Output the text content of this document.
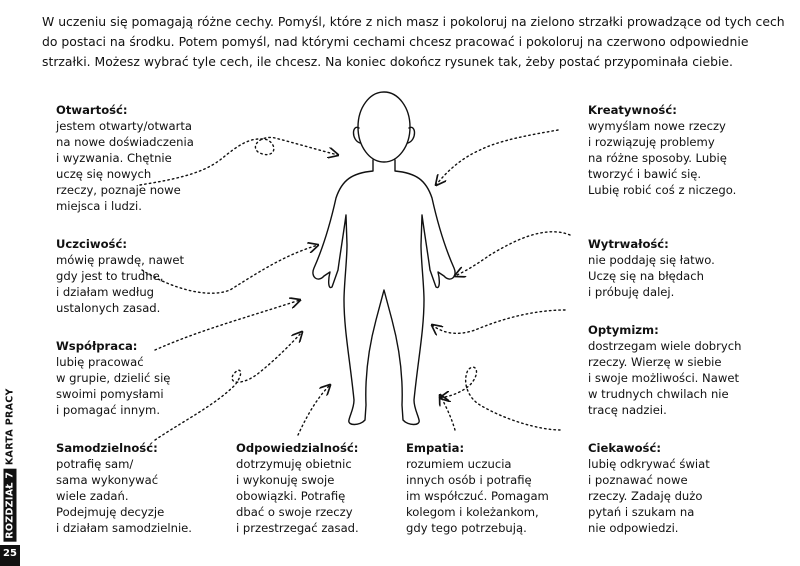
W uczeniu się pomagają różne cechy. Pomyśl, które z nich masz i pokoloruj na zielono strzałki prowadzące od tych cech do postaci na środku. Potem pomyśl, nad którymi cechami chcesz pracować i pokoloruj na czerwono odpowiednie strzałki. Możesz wybrać tyle cech, ile chcesz. Na koniec dokończ rysunek tak, żeby postać przypominała ciebie.

Otwartość:
jestem otwarty/otwarta
na nowe doświadczenia
i wyzwania. Chętnie
uczę się nowych
rzeczy, poznaje nowe
miejsca i ludzi.
Uczciwość:
mówię prawdę, nawet
gdy jest to trudne,
i działam według
ustalonych zasad.
Współpraca:
lubię pracować
w grupie, dzielić się
swoimi pomysłami
i pomagać innym.
Samodzielność:
potrafię sam/
sama wykonywać
wiele zadań.
Podejmuję decyzje
i działam samodzielnie.
Odpowiedzialność:
dotrzymuję obietnic
i wykonuję swoje
obowiązki. Potrafię
dbać o swoje rzeczy
i przestrzegać zasad.
Empatia:
rozumiem uczucia
innych osób i potrafię
im współczuć. Pomagam
kolegom i koleżankom,
gdy tego potrzebują.
Kreatywność:
wymyślam nowe rzeczy
i rozwiązuję problemy
na różne sposoby. Lubię
tworzyć i bawić się.
Lubię robić coś z niczego.
Wytrwałość:
nie poddaję się łatwo.
Uczę się na błędach
i próbuję dalej.
Optymizm:
dostrzegam wiele dobrych
rzeczy. Wierzę w siebie
i swoje możliwości. Nawet
w trudnych chwilach nie
tracę nadziei.
Ciekawość:
lubię odkrywać świat
i poznawać nowe
rzeczy. Zadaję dużo
pytań i szukam na
nie odpowiedzi.
ROZDZIAŁ 7 KARTA PRACY
25
